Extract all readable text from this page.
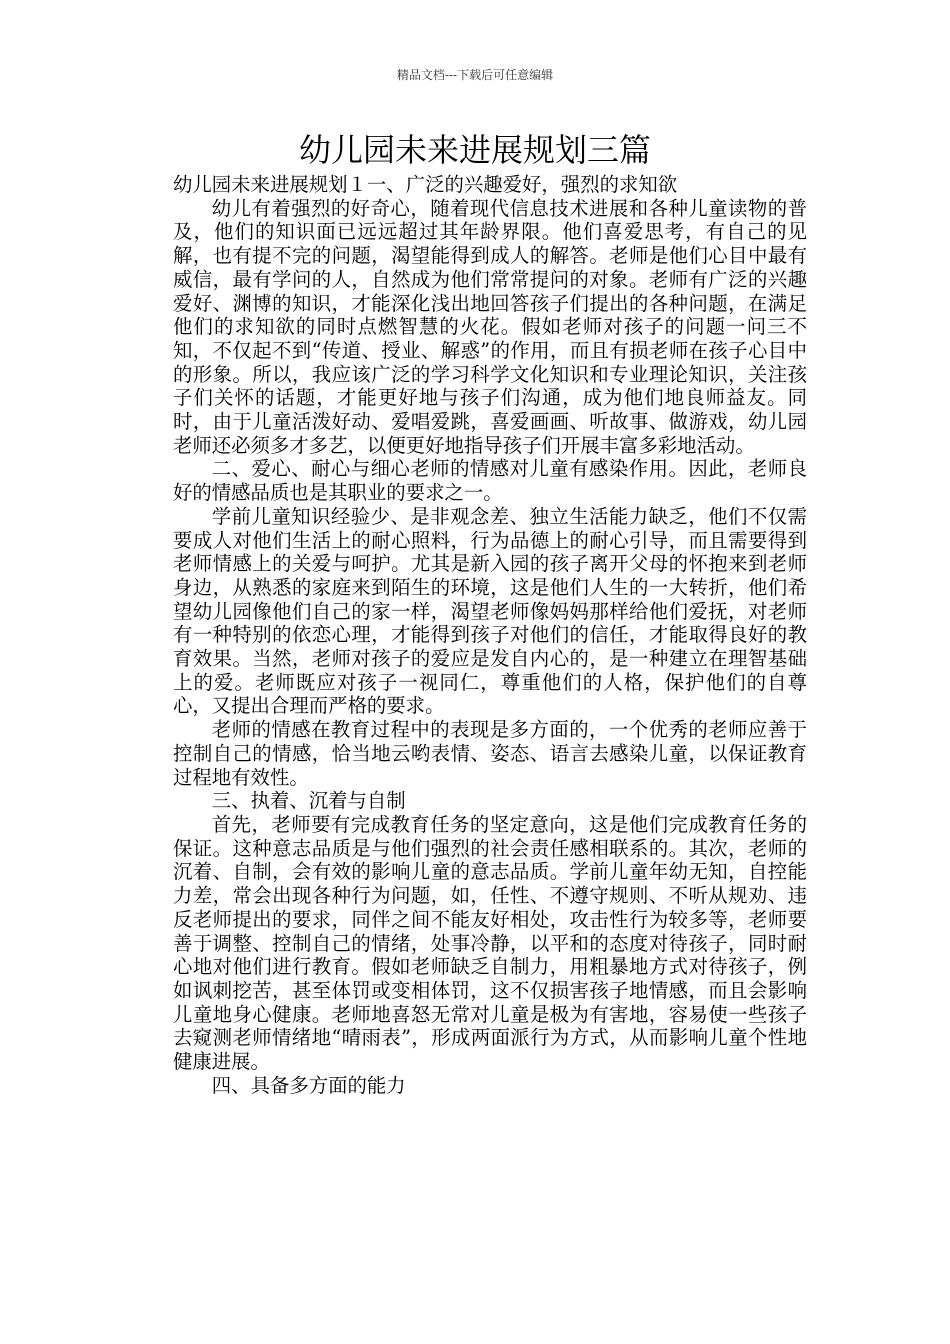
精品文档---下载后可任意编辑
幼儿园未来进展规划三篇

幼儿园未来进展规划１一、广泛的兴趣爱好，强烈的求知欲

幼儿有着强烈的好奇心，随着现代信息技术进展和各种儿童读物的普及，他们的知识面已远远超过其年龄界限。他们喜爱思考，有自己的见解，也有提不完的问题，渴望能得到成人的解答。老师是他们心目中最有威信，最有学问的人，自然成为他们常常提问的对象。老师有广泛的兴趣爱好、渊博的知识，才能深化浅出地回答孩子们提出的各种问题，在满足他们的求知欲的同时点燃智慧的火花。假如老师对孩子的问题一问三不知，不仅起不到“传道、授业、解惑”的作用，而且有损老师在孩子心目中的形象。所以，我应该广泛的学习科学文化知识和专业理论知识，关注孩子们关怀的话题，才能更好地与孩子们沟通，成为他们地良师益友。同时，由于儿童活泼好动、爱唱爱跳，喜爱画画、听故事、做游戏，幼儿园老师还必须多才多艺，以便更好地指导孩子们开展丰富多彩地活动。

二、爱心、耐心与细心老师的情感对儿童有感染作用。因此，老师良好的情感品质也是其职业的要求之一。

学前儿童知识经验少、是非观念差、独立生活能力缺乏，他们不仅需要成人对他们生活上的耐心照料，行为品德上的耐心引导，而且需要得到老师情感上的关爱与呵护。尤其是新入园的孩子离开父母的怀抱来到老师身边，从熟悉的家庭来到陌生的环境，这是他们人生的一大转折，他们希望幼儿园像他们自己的家一样，渴望老师像妈妈那样给他们爱抚，对老师有一种特别的依恋心理，才能得到孩子对他们的信任，才能取得良好的教育效果。当然，老师对孩子的爱应是发自内心的，是一种建立在理智基础上的爱。老师既应对孩子一视同仁，尊重他们的人格，保护他们的自尊心，又提出合理而严格的要求。

老师的情感在教育过程中的表现是多方面的，一个优秀的老师应善于控制自己的情感，恰当地云哟表情、姿态、语言去感染儿童，以保证教育过程地有效性。

三、执着、沉着与自制

首先，老师要有完成教育任务的坚定意向，这是他们完成教育任务的保证。这种意志品质是与他们强烈的社会责任感相联系的。其次，老师的沉着、自制，会有效的影响儿童的意志品质。学前儿童年幼无知，自控能力差，常会出现各种行为问题，如，任性、不遵守规则、不听从规劝、违反老师提出的要求，同伴之间不能友好相处，攻击性行为较多等，老师要善于调整、控制自己的情绪，处事冷静，以平和的态度对待孩子，同时耐心地对他们进行教育。假如老师缺乏自制力，用粗暴地方式对待孩子，例如讽刺挖苦，甚至体罚或变相体罚，这不仅损害孩子地情感，而且会影响儿童地身心健康。老师地喜怒无常对儿童是极为有害地，容易使一些孩子去窥测老师情绪地“晴雨表”，形成两面派行为方式，从而影响儿童个性地健康进展。

四、具备多方面的能力
